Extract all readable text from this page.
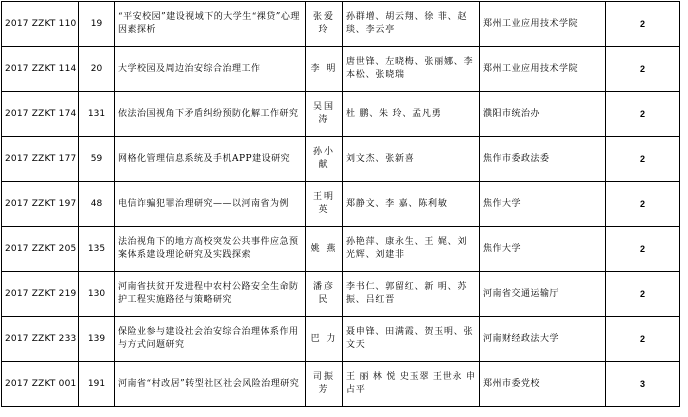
2017 ZZKT 110	19	“平安校园”建设视域下的大学生“裸贷”心理因素探析	张爱玲	孙群增、胡云翔、徐 菲、赵 琰、李云亭	郑州工业应用技术学院	2
2017 ZZKT 114	20	大学校园及周边治安综合治理工作	李 明	唐世锋、左晓梅、张丽娜、李本松、张晓瑞	郑州工业应用技术学院	2
2017 ZZKT 174	131	依法治国视角下矛盾纠纷预防化解工作研究	吴国涛	杜 鹏、朱 玲、孟凡勇	濮阳市统治办	2
2017 ZZKT 177	59	网格化管理信息系统及手机APP建设研究	孙小献	刘文杰、张新喜	焦作市委政法委	2
2017 ZZKT 197	48	电信诈骗犯罪治理研究——以河南省为例	王明英	郑静文、李 嘉、陈利敏	焦作大学	2
2017 ZZKT 205	135	法治视角下的地方高校突发公共事件应急预案体系建设理论研究及实践探索	姚 燕	孙艳萍、康永生、王 娓、刘光辉、刘建非	焦作大学	2
2017 ZZKT 219	130	河南省扶贫开发进程中农村公路安全生命防护工程实施路径与策略研究	潘彦民	李书仁、郭留红、新 明、苏 振、吕红晋	河南省交通运输厅	2
2017 ZZKT 233	139	保险业参与建设社会治安综合治理体系作用与方式问题研究	巴 力	聂申锋、田满霞、贺玉明、张文天	河南财经政法大学	2
2017 ZZKT 001	191	河南省“村改居”转型社区社会风险治理研究	司振芳	王 丽 林 悦 史玉翠 王世永 申占平	郑州市委党校	3
